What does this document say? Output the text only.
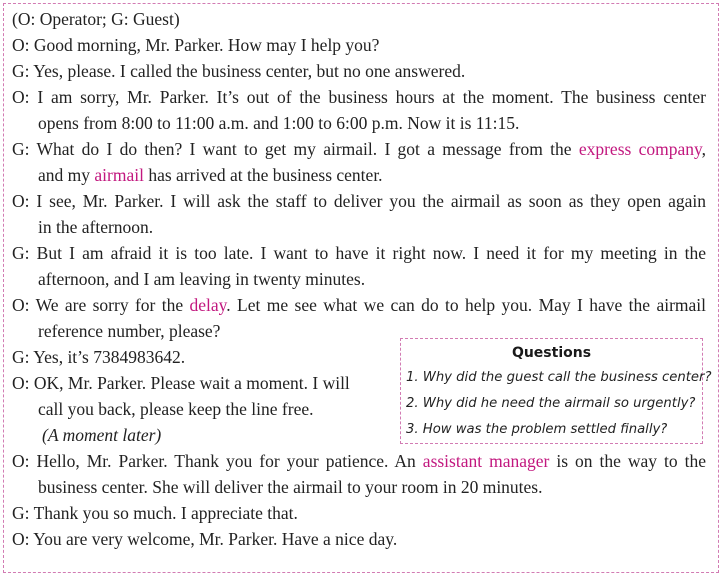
(O: Operator; G: Guest)
O: Good morning, Mr. Parker. How may I help you?
G: Yes, please. I called the business center, but no one answered.
O: I am sorry, Mr. Parker. It’s out of the business hours at the moment. The business center
opens from 8:00 to 11:00 a.m. and 1:00 to 6:00 p.m. Now it is 11:15.
G: What do I do then? I want to get my airmail. I got a message from the express company,
and my airmail has arrived at the business center.
O: I see, Mr. Parker. I will ask the staff to deliver you the airmail as soon as they open again
in the afternoon.
G: But I am afraid it is too late. I want to have it right now. I need it for my meeting in the
afternoon, and I am leaving in twenty minutes.
O: We are sorry for the delay. Let me see what we can do to help you. May I have the airmail
reference number, please?
G: Yes, it’s 7384983642.
O: OK, Mr. Parker. Please wait a moment. I will
call you back, please keep the line free.
(A moment later)
O: Hello, Mr. Parker. Thank you for your patience. An assistant manager is on the way to the
business center. She will deliver the airmail to your room in 20 minutes.
G: Thank you so much. I appreciate that.
O: You are very welcome, Mr. Parker. Have a nice day.
Questions
1. Why did the guest call the business center?
2. Why did he need the airmail so urgently?
3. How was the problem settled finally?
